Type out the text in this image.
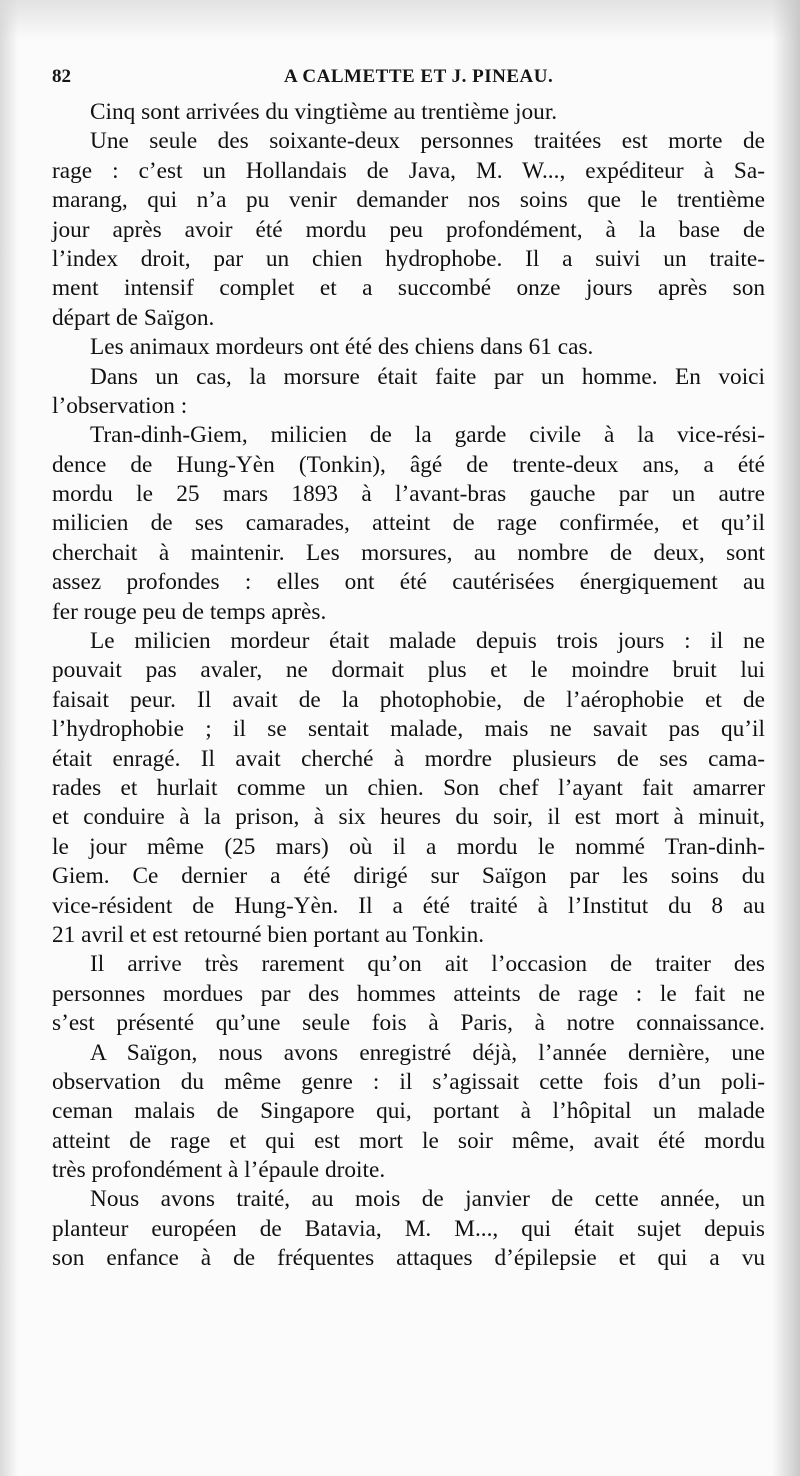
82	A CALMETTE ET J. PINEAU.
Cinq sont arrivées du vingtième au trentième jour.
Une seule des soixante-deux personnes traitées est morte de
rage : c’est un Hollandais de Java, M. W..., expéditeur à Sa-
marang, qui n’a pu venir demander nos soins que le trentième
jour après avoir été mordu peu profondément, à la base de
l’index droit, par un chien hydrophobe. Il a suivi un traite-
ment intensif complet et a succombé onze jours après son
départ de Saïgon.
Les animaux mordeurs ont été des chiens dans 61 cas.
Dans un cas, la morsure était faite par un homme. En voici
l’observation :
Tran-dinh-Giem, milicien de la garde civile à la vice-rési-
dence de Hung-Yèn (Tonkin), âgé de trente-deux ans, a été
mordu le 25 mars 1893 à l’avant-bras gauche par un autre
milicien de ses camarades, atteint de rage confirmée, et qu’il
cherchait à maintenir. Les morsures, au nombre de deux, sont
assez profondes : elles ont été cautérisées énergiquement au
fer rouge peu de temps après.
Le milicien mordeur était malade depuis trois jours : il ne
pouvait pas avaler, ne dormait plus et le moindre bruit lui
faisait peur. Il avait de la photophobie, de l’aérophobie et de
l’hydrophobie ; il se sentait malade, mais ne savait pas qu’il
était enragé. Il avait cherché à mordre plusieurs de ses cama-
rades et hurlait comme un chien. Son chef l’ayant fait amarrer
et conduire à la prison, à six heures du soir, il est mort à minuit,
le jour même (25 mars) où il a mordu le nommé Tran-dinh-
Giem. Ce dernier a été dirigé sur Saïgon par les soins du
vice-résident de Hung-Yèn. Il a été traité à l’Institut du 8 au
21 avril et est retourné bien portant au Tonkin.
Il arrive très rarement qu’on ait l’occasion de traiter des
personnes mordues par des hommes atteints de rage : le fait ne
s’est présenté qu’une seule fois à Paris, à notre connaissance.
A Saïgon, nous avons enregistré déjà, l’année dernière, une
observation du même genre : il s’agissait cette fois d’un poli-
ceman malais de Singapore qui, portant à l’hôpital un malade
atteint de rage et qui est mort le soir même, avait été mordu
très profondément à l’épaule droite.
Nous avons traité, au mois de janvier de cette année, un
planteur européen de Batavia, M. M..., qui était sujet depuis
son enfance à de fréquentes attaques d’épilepsie et qui a vu
